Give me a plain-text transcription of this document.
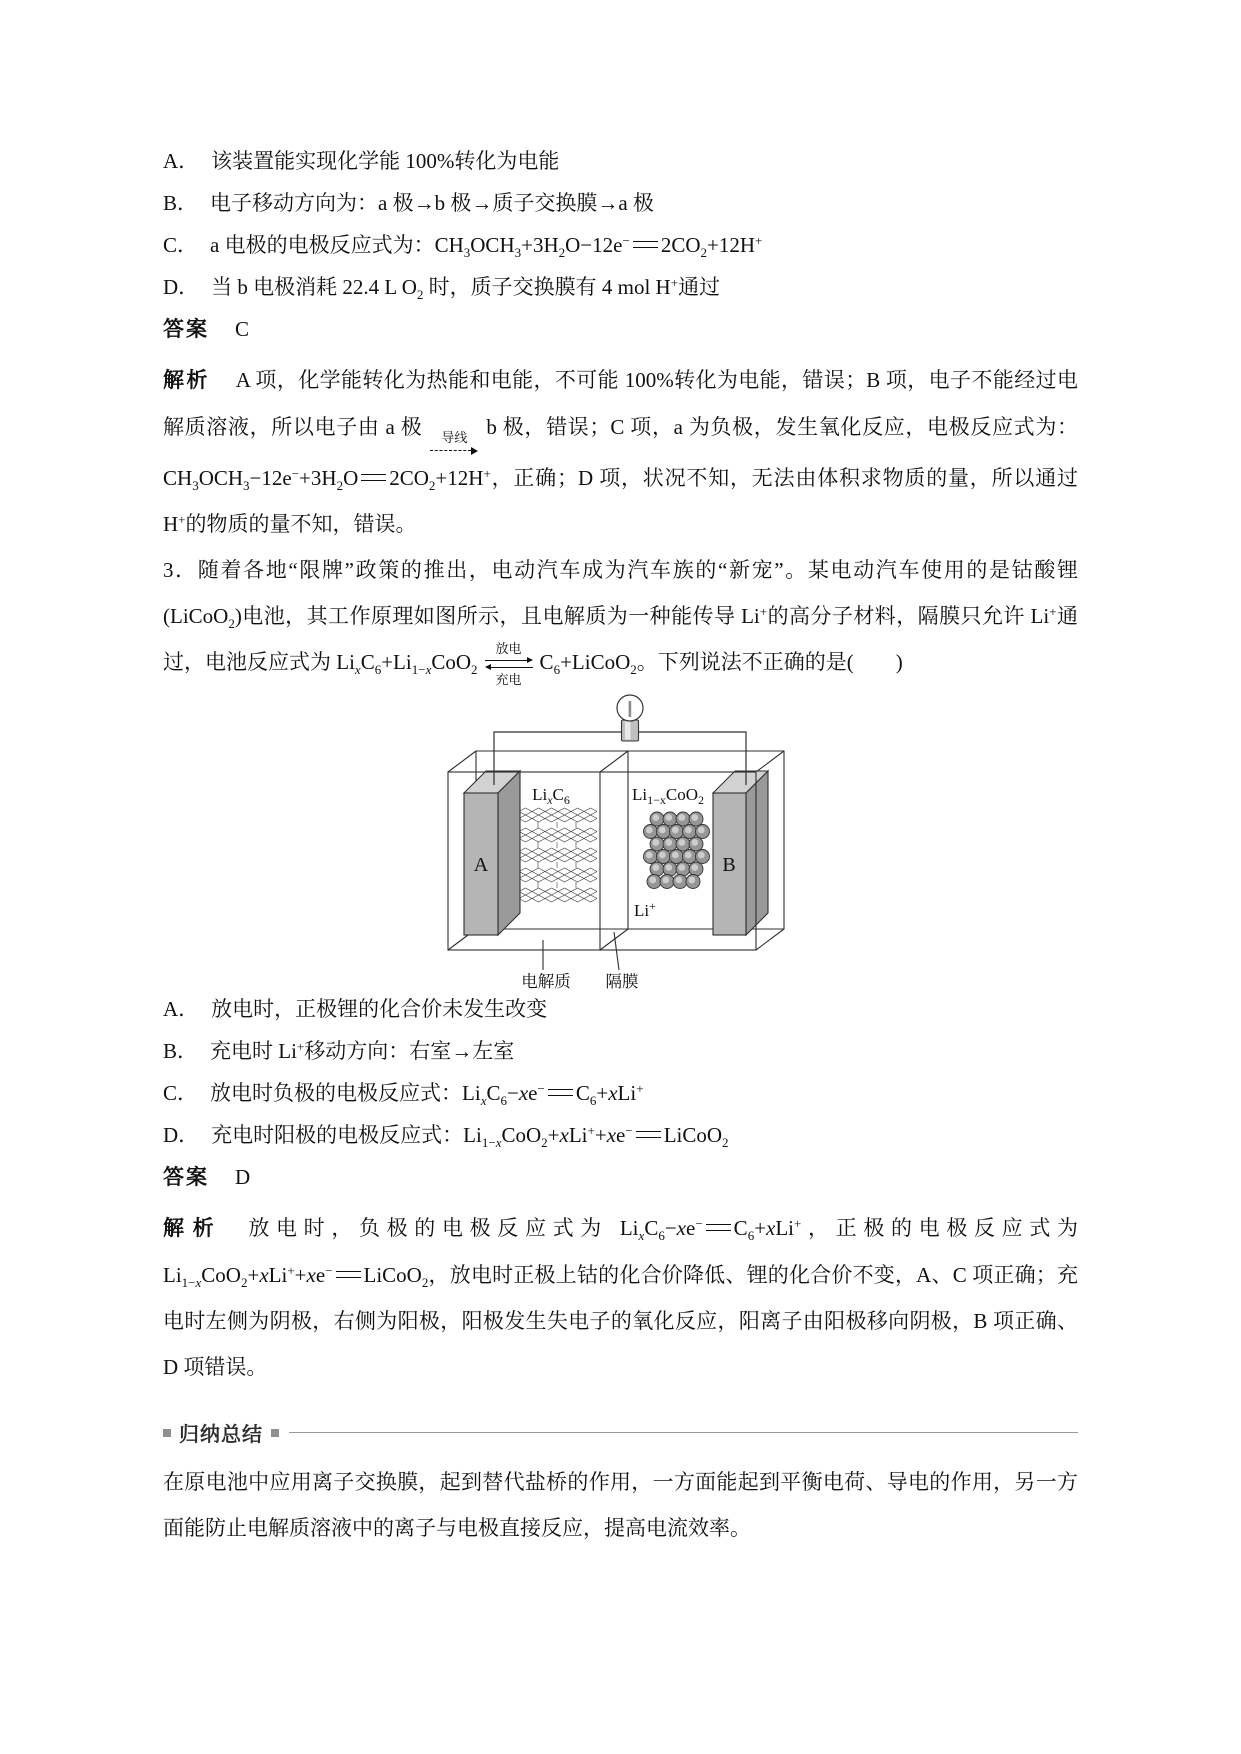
A． 该装置能实现化学能 100%转化为电能
B． 电子移动方向为：a 极→b 极→质子交换膜→a 极
C． a 电极的电极反应式为：$CH_3OCH_3+3H_2O-12e^-$ $2CO_2+12H^+$
D． 当 b 电极消耗 22.4 L $O_2$ 时，质子交换膜有 4 mol H+通过
答案 C

解析 A 项，化学能转化为热能和电能，不可能 100%转化为电能，错误；B 项，电子不能经过电解质溶液，所以电子由 a 极 导线 b 极，错误；C 项，a 为负极，发生氧化反应，电极反应式为：$CH_3OCH_3-12e^-+3H_2O$ $2CO_2+12H^+$，正确；D 项，状况不知，无法由体积求物质的量，所以通过 H+的物质的量不知，错误。

3．随着各地“限牌”政策的推出，电动汽车成为汽车族的“新宠”。某电动汽车使用的是钴酸锂(LiCoO$_2$)电池，其工作原理如图所示，且电解质为一种能传导 Li+的高分子材料，隔膜只允许 Li+通过，电池反应式为 $Li_xC_6+Li_{1-x}CoO_2$
放电
充电
$C_6+LiCoO_2$。下列说法不正确的是(　　)

A	B
$Li_xC_6$	$Li_{1-x}CoO_2$
Li+
电解质 隔膜
A． 放电时，正极锂的化合价未发生改变
B． 充电时 Li+移动方向：右室→左室
C． 放电时负极的电极反应式：$Li_xC_6-xe^-$ $C_6+xLi^+$
D． 充电时阳极的电极反应式：$Li_{1-x}CoO_2+xLi^++xe^-$ LiCoO$_2$
答案 D

解析 放电时，负极的电极反应式为 $Li_xC_6-xe^-$ $C_6+xLi^+$，正极的电极反应式为 $Li_{1-x}CoO_2+xLi^++xe^-$ LiCoO$_2$，放电时正极上钴的化合价降低、锂的化合价不变，A、C 项正确；充电时左侧为阴极，右侧为阳极，阳极发生失电子的氧化反应，阳离子由阳极移向阴极，B 项正确、D 项错误。

归纳总结

在原电池中应用离子交换膜，起到替代盐桥的作用，一方面能起到平衡电荷、导电的作用，另一方面能防止电解质溶液中的离子与电极直接反应，提高电流效率。
